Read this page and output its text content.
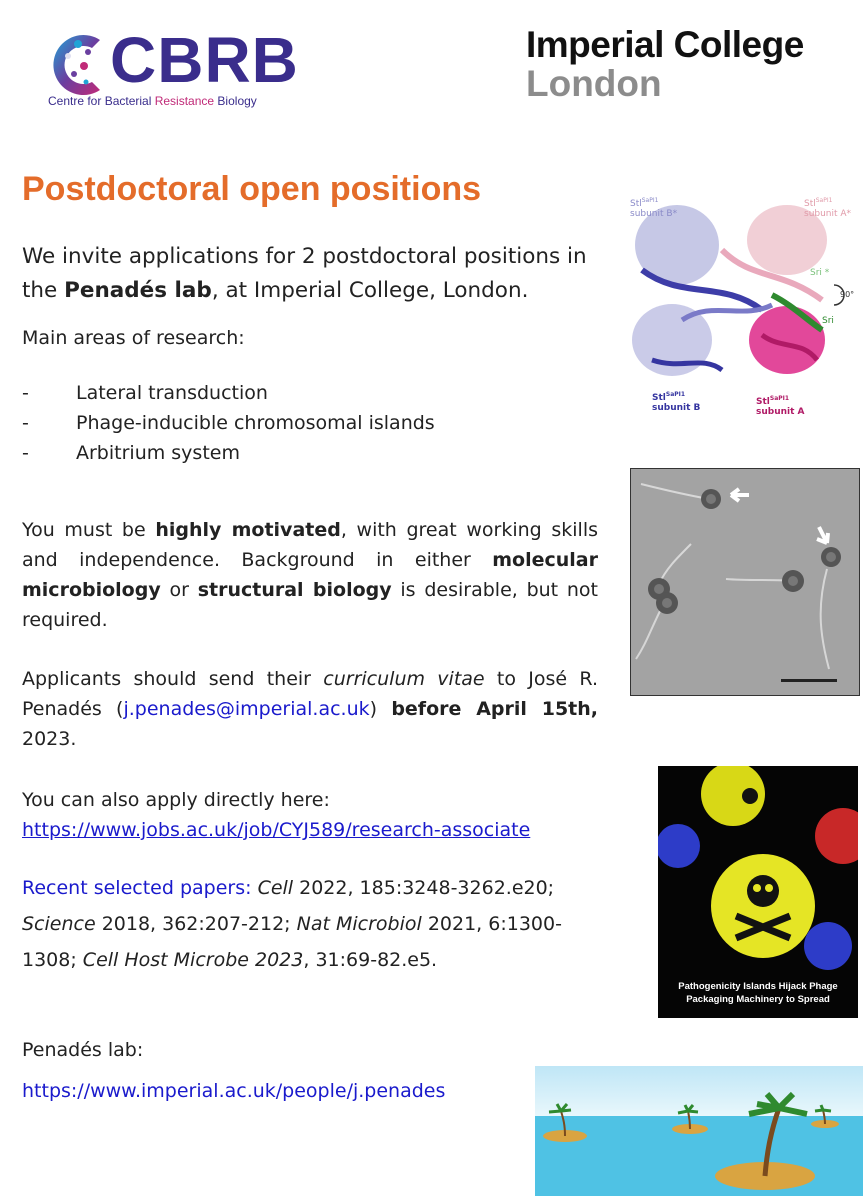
CBRB
Centre for Bacterial Resistance Biology
Imperial College
London
Postdoctoral open positions
We invite applications for 2 postdoctoral positions in the Penadés lab, at Imperial College, London.
Main areas of research:
-	Lateral transduction
-	Phage-inducible chromosomal islands
-	Arbitrium system
You must be highly motivated, with great working skills and independence. Background in either molecular microbiology or structural biology is desirable, but not required.
Applicants should send their curriculum vitae to José R. Penadés (j.penades@imperial.ac.uk) before April 15th, 2023.
You can also apply directly here:
https://www.jobs.ac.uk/job/CYJ589/research-associate
Recent selected papers: Cell 2022, 185:3248-3262.e20; Science 2018, 362:207-212; Nat Microbiol 2021, 6:1300-1308; Cell Host Microbe 2023, 31:69-82.e5.
Penadés lab:
https://www.imperial.ac.uk/people/j.penades
Stl$^{SaPI1}$
subunit B*
Stl$^{SaPI1}$
subunit A*
Sri *
90°
Sri
Stl$^{SaPI1}$
subunit B
Stl$^{SaPI1}$
subunit A
Pathogenicity Islands Hijack Phage
Packaging Machinery to Spread
